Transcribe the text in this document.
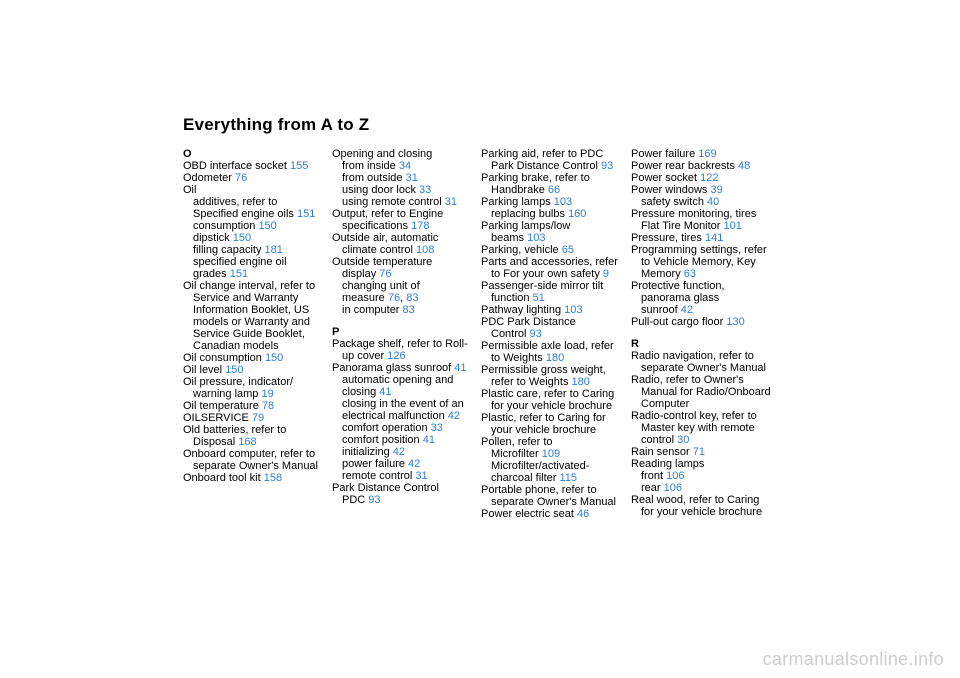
Everything from A to Z
O
OBD interface socket 155
Odometer 76
Oil
additives, refer to
Specified engine oils 151
consumption 150
dipstick 150
filling capacity 181
specified engine oil
grades 151
Oil change interval, refer to
Service and Warranty
Information Booklet, US
models or Warranty and
Service Guide Booklet,
Canadian models
Oil consumption 150
Oil level 150
Oil pressure, indicator/
warning lamp 19
Oil temperature 78
OILSERVICE 79
Old batteries, refer to
Disposal 168
Onboard computer, refer to
separate Owner's Manual
Onboard tool kit 158
Opening and closing
from inside 34
from outside 31
using door lock 33
using remote control 31
Output, refer to Engine
specifications 178
Outside air, automatic
climate control 108
Outside temperature
display 76
changing unit of
measure 76, 83
in computer 83
P
Package shelf, refer to Roll-
up cover 126
Panorama glass sunroof 41
automatic opening and
closing 41
closing in the event of an
electrical malfunction 42
comfort operation 33
comfort position 41
initializing 42
power failure 42
remote control 31
Park Distance Control
PDC 93
Parking aid, refer to PDC
Park Distance Control 93
Parking brake, refer to
Handbrake 66
Parking lamps 103
replacing bulbs 160
Parking lamps/low
beams 103
Parking, vehicle 65
Parts and accessories, refer
to For your own safety 9
Passenger-side mirror tilt
function 51
Pathway lighting 103
PDC Park Distance
Control 93
Permissible axle load, refer
to Weights 180
Permissible gross weight,
refer to Weights 180
Plastic care, refer to Caring
for your vehicle brochure
Plastic, refer to Caring for
your vehicle brochure
Pollen, refer to
Microfilter 109
Microfilter/activated-
charcoal filter 115
Portable phone, refer to
separate Owner's Manual
Power electric seat 46
Power failure 169
Power rear backrests 48
Power socket 122
Power windows 39
safety switch 40
Pressure monitoring, tires
Flat Tire Monitor 101
Pressure, tires 141
Programming settings, refer
to Vehicle Memory, Key
Memory 63
Protective function,
panorama glass
sunroof 42
Pull-out cargo floor 130
R
Radio navigation, refer to
separate Owner's Manual
Radio, refer to Owner's
Manual for Radio/Onboard
Computer
Radio-control key, refer to
Master key with remote
control 30
Rain sensor 71
Reading lamps
front 106
rear 106
Real wood, refer to Caring
for your vehicle brochure
carmanualsonline.info
